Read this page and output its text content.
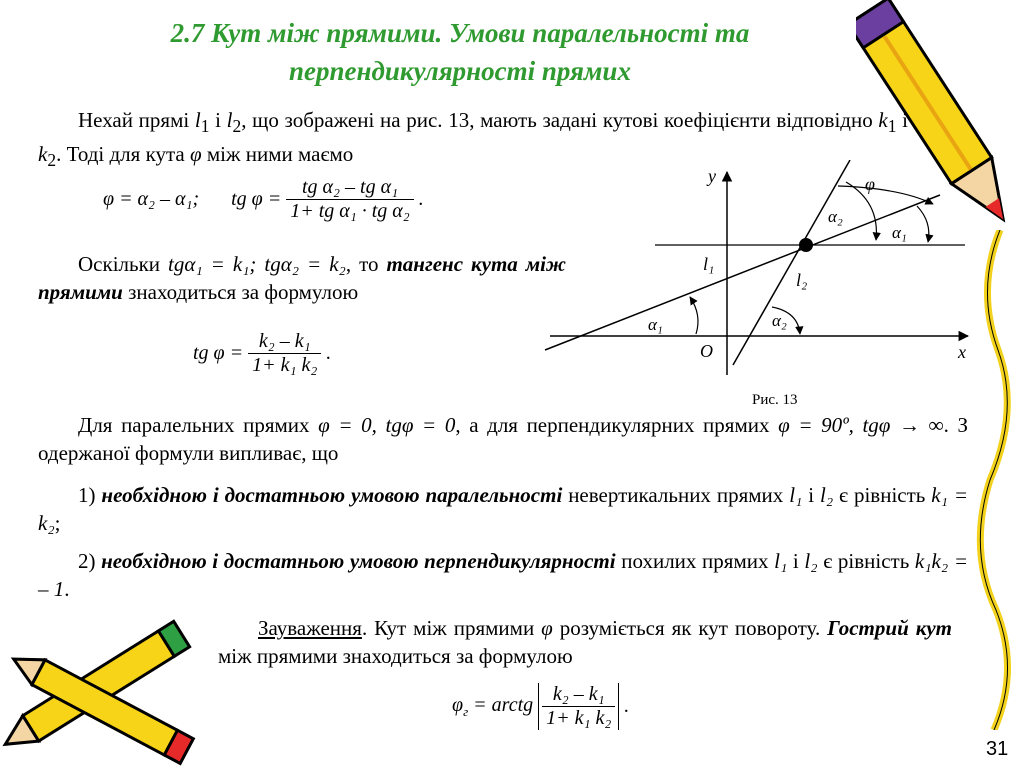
2.7 Кут між прямими. Умови паралельності та
перпендикулярності прямих
Нехай прямі $l_1$ і $l_2$, що зображені на рис. 13, мають задані кутові коефіцієнти відповідно $k_1$ і $k_2$. Тоді для кута φ між ними маємо
φ = α₂ – α₁; tg $\varphi = \frac{\text{tg α₂ – tg α₁}}{\text{1+ tg α₁ · tg α₂}}$ .
Оскільки tgα₁ = k₁; tgα₂ = k₂, то тангенс кута між прямими знаходиться за формулою
tg $\varphi = \frac{\text{k₂ – k₁}}{\text{1+ k₁ k₂}}$ .
y
x
O
φ
α₂
α₁
l₁
l₂
α₁	α₂
Рис. 13
Для паралельних прямих φ = 0, tgφ = 0, а для перпендикулярних прямих φ = 90º, tgφ → ∞. З одержаної формули випливає, що
1) необхідною і достатньою умовою паралельності невертикальних прямих l₁ і l₂ є рівність k₁ = k₂;
2) необхідною і достатньою умовою перпендикулярності похилих прямих l₁ і l₂ є рівність k₁k₂ = – 1.
Зауваження. Кут між прямими φ розуміється як кут повороту. Гострий кут між прямими знаходиться за формулою
$\varphi_г$ = arctg $\frac{\text{k₂ – k₁}}{\text{1+ k₁ k₂}}$ .
31
